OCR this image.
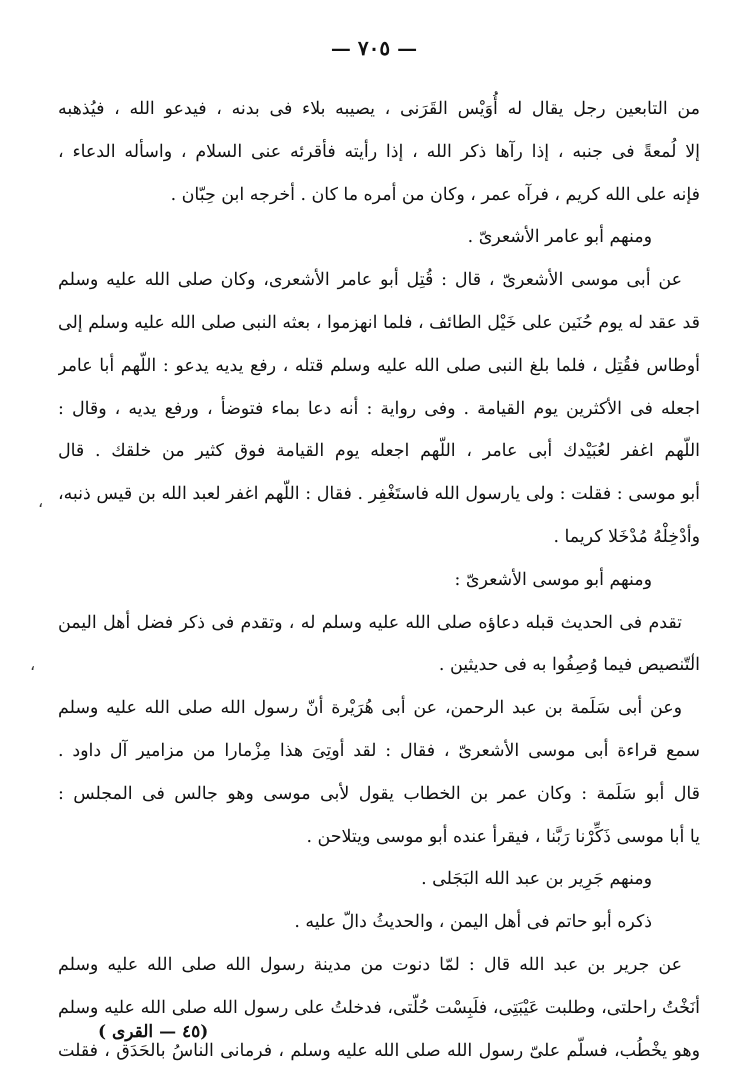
— ٧٠٥ —
من التابعين رجل يقال له أُوَيْس القَرَنى ، يصيبه بلاء فى بدنه ، فيدعو الله ، فيُذهبه
إلا لُمعةً فى جنبه ، إذا رآها ذكر الله ، إذا رأيته فأقرئه عنى السلام ، واسأله الدعاء ،
فإنه على الله كريم ، فرآه عمر ، وكان من أمره ما كان . أخرجه ابن حِبّان .
ومنهم أبو عامر الأشعرىّ .
عن أبى موسى الأشعرىّ ، قال : قُتِل أبو عامر الأشعرى، وكان صلى الله عليه وسلم
قد عقد له يوم حُنَين على خَيْل الطائف ، فلما انهزموا ، بعثه النبى صلى الله عليه وسلم إلى
أوطاس فقُتِل ، فلما بلغ النبى صلى الله عليه وسلم قتله ، رفع يديه يدعو : اللّهم أبا عامر
اجعله فى الأكثرين يوم القيامة . وفى رواية : أنه دعا بماء فتوضأ ، ورفع يديه ، وقال :
اللّهم اغفر لعُبَيْدك أبى عامر ، اللّهم اجعله يوم القيامة فوق كثير من خلقك . قال
أبو موسى : فقلت : ولى يارسول الله فاستَغْفِر . فقال : اللّهم اغفر لعبد الله بن قيس ذنبه،
وأدْخِلْهُ مُدْخَلا كريما .
ومنهم أبو موسى الأشعرىّ :
تقدم فى الحديث قبله دعاؤه صلى الله عليه وسلم له ، وتقدم فى ذكر فضل أهل اليمن
التّنصيص فيما وُصِفُوا به فى حديثين .
وعن أبى سَلَمة بن عبد الرحمن، عن أبى هُرَيْرة أنّ رسول الله صلى الله عليه وسلم
سمع قراءة أبى موسى الأشعرىّ ، فقال : لقد أوتِىَ هذا مِزْمارا من مزامير آل داود .
قال أبو سَلَمة : وكان عمر بن الخطاب يقول لأبى موسى وهو جالس فى المجلس :
يا أبا موسى ذَكِّرْنا رَبَّنا ، فيقرأ عنده أبو موسى ويتلاحن .
ومنهم جَرِير بن عبد الله البَجَلى .
ذكره أبو حاتم فى أهل اليمن ، والحديثُ دالّ عليه .
عن جرير بن عبد الله قال : لمّا دنوت من مدينة رسول الله صلى الله عليه وسلم
أنَخْتُ راحلتى، وطلبت عَيْبَتِى، فلَبِسْت حُلّتى، فدخلتُ على رسول الله صلى الله عليه وسلم
وهو يخْطُب، فسلّم علىّ رسول الله صلى الله عليه وسلم ، فرمانى الناسُ بالحَدَق ، فقلت
(٤٥ — القرى )
،
،
،
